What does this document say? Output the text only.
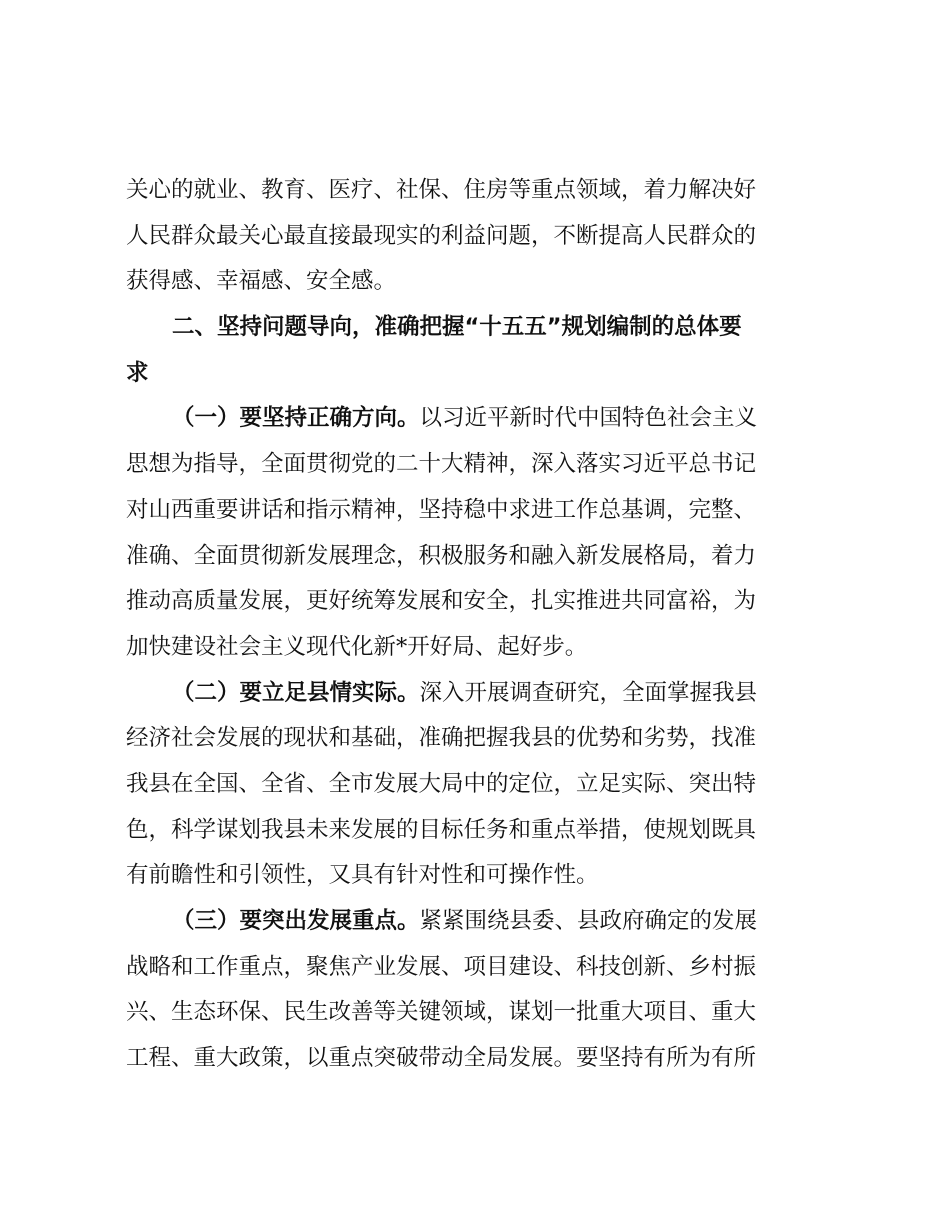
关心的就业、教育、医疗、社保、住房等重点领域，着力解决好
人民群众最关心最直接最现实的利益问题，不断提高人民群众的
获得感、幸福感、安全感。
二、坚持问题导向，准确把握“十五五”规划编制的总体要
求
（一）要坚持正确方向。以习近平新时代中国特色社会主义
思想为指导，全面贯彻党的二十大精神，深入落实习近平总书记
对山西重要讲话和指示精神，坚持稳中求进工作总基调，完整、
准确、全面贯彻新发展理念，积极服务和融入新发展格局，着力
推动高质量发展，更好统筹发展和安全，扎实推进共同富裕，为
加快建设社会主义现代化新*开好局、起好步。
（二）要立足县情实际。深入开展调查研究，全面掌握我县
经济社会发展的现状和基础，准确把握我县的优势和劣势，找准
我县在全国、全省、全市发展大局中的定位，立足实际、突出特
色，科学谋划我县未来发展的目标任务和重点举措，使规划既具
有前瞻性和引领性，又具有针对性和可操作性。
（三）要突出发展重点。紧紧围绕县委、县政府确定的发展
战略和工作重点，聚焦产业发展、项目建设、科技创新、乡村振
兴、生态环保、民生改善等关键领域，谋划一批重大项目、重大
工程、重大政策，以重点突破带动全局发展。要坚持有所为有所
